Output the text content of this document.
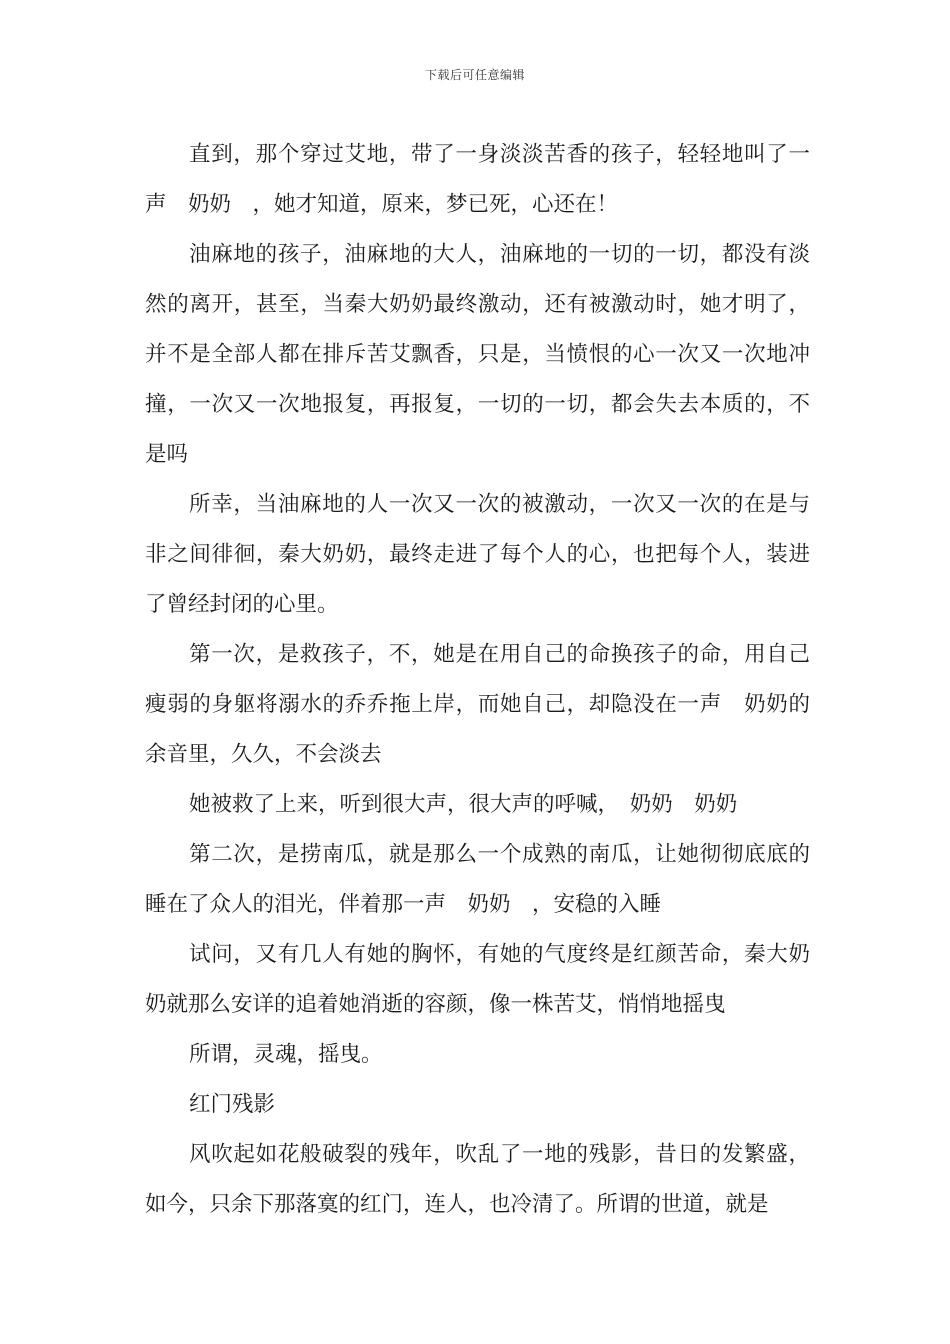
下载后可任意编辑

直到，那个穿过艾地，带了一身淡淡苦香的孩子，轻轻地叫了一声　奶奶　，她才知道，原来，梦已死，心还在！

油麻地的孩子，油麻地的大人，油麻地的一切的一切，都没有淡然的离开，甚至，当秦大奶奶最终激动，还有被激动时，她才明了，并不是全部人都在排斥苦艾飘香，只是，当愤恨的心一次又一次地冲撞，一次又一次地报复，再报复，一切的一切，都会失去本质的，不是吗

所幸，当油麻地的人一次又一次的被激动，一次又一次的在是与非之间徘徊，秦大奶奶，最终走进了每个人的心，也把每个人，装进了曾经封闭的心里。

第一次，是救孩子，不，她是在用自己的命换孩子的命，用自己瘦弱的身躯将溺水的乔乔拖上岸，而她自己，却隐没在一声　奶奶的余音里，久久，不会淡去

她被救了上来，听到很大声，很大声的呼喊，　奶奶　奶奶

第二次，是捞南瓜，就是那么一个成熟的南瓜，让她彻彻底底的睡在了众人的泪光，伴着那一声　奶奶　，安稳的入睡

试问，又有几人有她的胸怀，有她的气度终是红颜苦命，秦大奶奶就那么安详的追着她消逝的容颜，像一株苦艾，悄悄地摇曳

所谓，灵魂，摇曳。

红门残影

风吹起如花般破裂的残年，吹乱了一地的残影，昔日的发繁盛，如今，只余下那落寞的红门，连人，也冷清了。所谓的世道，就是
